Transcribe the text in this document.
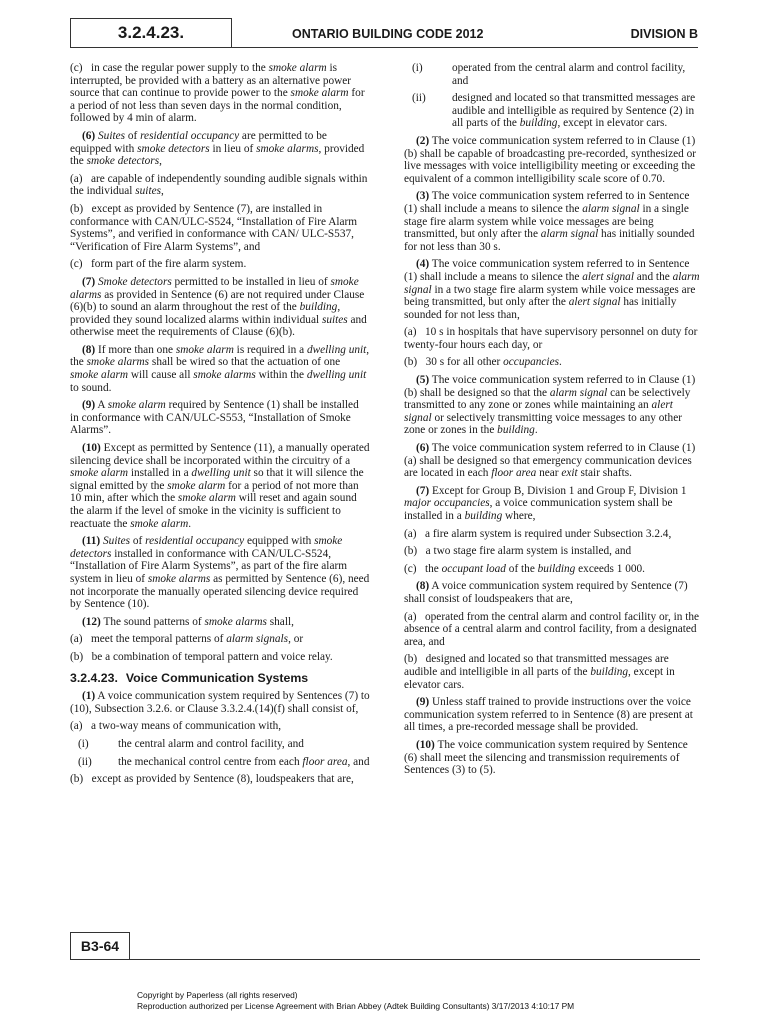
3.2.4.23.	ONTARIO BUILDING CODE 2012	DIVISION B

(c)   in case the regular power supply to the smoke alarm is interrupted, be provided with a battery as an alternative power source that can continue to provide power to the smoke alarm for a period of not less than seven days in the normal condition, followed by 4 min of alarm.

(6) Suites of residential occupancy are permitted to be equipped with smoke detectors in lieu of smoke alarms, provided the smoke detectors,

(a)   are capable of independently sounding audible signals within the individual suites,

(b)   except as provided by Sentence (7), are installed in conformance with CAN/ULC-S524, “Installation of Fire Alarm Systems”, and verified in conformance with CAN/ ULC-S537, “Verification of Fire Alarm Systems”, and

(c)   form part of the fire alarm system.

(7) Smoke detectors permitted to be installed in lieu of smoke alarms as provided in Sentence (6) are not required under Clause (6)(b) to sound an alarm throughout the rest of the building, provided they sound localized alarms within individual suites and otherwise meet the requirements of Clause (6)(b).

(8) If more than one smoke alarm is required in a dwelling unit, the smoke alarms shall be wired so that the actuation of one smoke alarm will cause all smoke alarms within the dwelling unit to sound.

(9) A smoke alarm required by Sentence (1) shall be installed in conformance with CAN/ULC-S553, “Installation of Smoke Alarms”.

(10) Except as permitted by Sentence (11), a manually operated silencing device shall be incorporated within the circuitry of a smoke alarm installed in a dwelling unit so that it will silence the signal emitted by the smoke alarm for a period of not more than 10 min, after which the smoke alarm will reset and again sound the alarm if the level of smoke in the vicinity is sufficient to reactuate the smoke alarm.

(11) Suites of residential occupancy equipped with smoke detectors installed in conformance with CAN/ULC-S524, “Installation of Fire Alarm Systems”, as part of the fire alarm system in lieu of smoke alarms as permitted by Sentence (6), need not incorporate the manually operated silencing device required by Sentence (10).

(12) The sound patterns of smoke alarms shall,

(a)   meet the temporal patterns of alarm signals, or

(b)   be a combination of temporal pattern and voice relay.

3.2.4.23. Voice Communication Systems

(1) A voice communication system required by Sentences (7) to (10), Subsection 3.2.6. or Clause 3.3.2.4.(14)(f) shall consist of,

(a)   a two-way means of communication with,

(i)	the central alarm and control facility, and

(ii) the mechanical control centre from each floor area, and

(b)   except as provided by Sentence (8), loudspeakers that are,

(i)	operated from the central alarm and control facility, and

(ii) designed and located so that transmitted messages are audible and intelligible as required by Sentence (2) in all parts of the building, except in elevator cars.

(2) The voice communication system referred to in Clause (1)(b) shall be capable of broadcasting pre-recorded, synthesized or live messages with voice intelligibility meeting or exceeding the equivalent of a common intelligibility scale score of 0.70.

(3) The voice communication system referred to in Sentence (1) shall include a means to silence the alarm signal in a single stage fire alarm system while voice messages are being transmitted, but only after the alarm signal has initially sounded for not less than 30 s.

(4) The voice communication system referred to in Sentence (1) shall include a means to silence the alert signal and the alarm signal in a two stage fire alarm system while voice messages are being transmitted, but only after the alert signal has initially sounded for not less than,

(a)   10 s in hospitals that have supervisory personnel on duty for twenty-four hours each day, or

(b)   30 s for all other occupancies.

(5) The voice communication system referred to in Clause (1)(b) shall be designed so that the alarm signal can be selectively transmitted to any zone or zones while maintaining an alert signal or selectively transmitting voice messages to any other zone or zones in the building.

(6) The voice communication system referred to in Clause (1)(a) shall be designed so that emergency communication devices are located in each floor area near exit stair shafts.

(7) Except for Group B, Division 1 and Group F, Division 1 major occupancies, a voice communication system shall be installed in a building where,

(a)   a fire alarm system is required under Subsection 3.2.4,

(b)   a two stage fire alarm system is installed, and

(c)   the occupant load of the building exceeds 1 000.

(8) A voice communication system required by Sentence (7) shall consist of loudspeakers that are,

(a)   operated from the central alarm and control facility or, in the absence of a central alarm and control facility, from a designated area, and

(b)   designed and located so that transmitted messages are audible and intelligible in all parts of the building, except in elevator cars.

(9) Unless staff trained to provide instructions over the voice communication system referred to in Sentence (8) are present at all times, a pre-recorded message shall be provided.

(10) The voice communication system required by Sentence (6) shall meet the silencing and transmission requirements of Sentences (3) to (5).

B3-64
Copyright by Paperless (all rights reserved)
Reproduction authorized per License Agreement with Brian Abbey (Adtek Building Consultants) 3/17/2013 4:10:17 PM
